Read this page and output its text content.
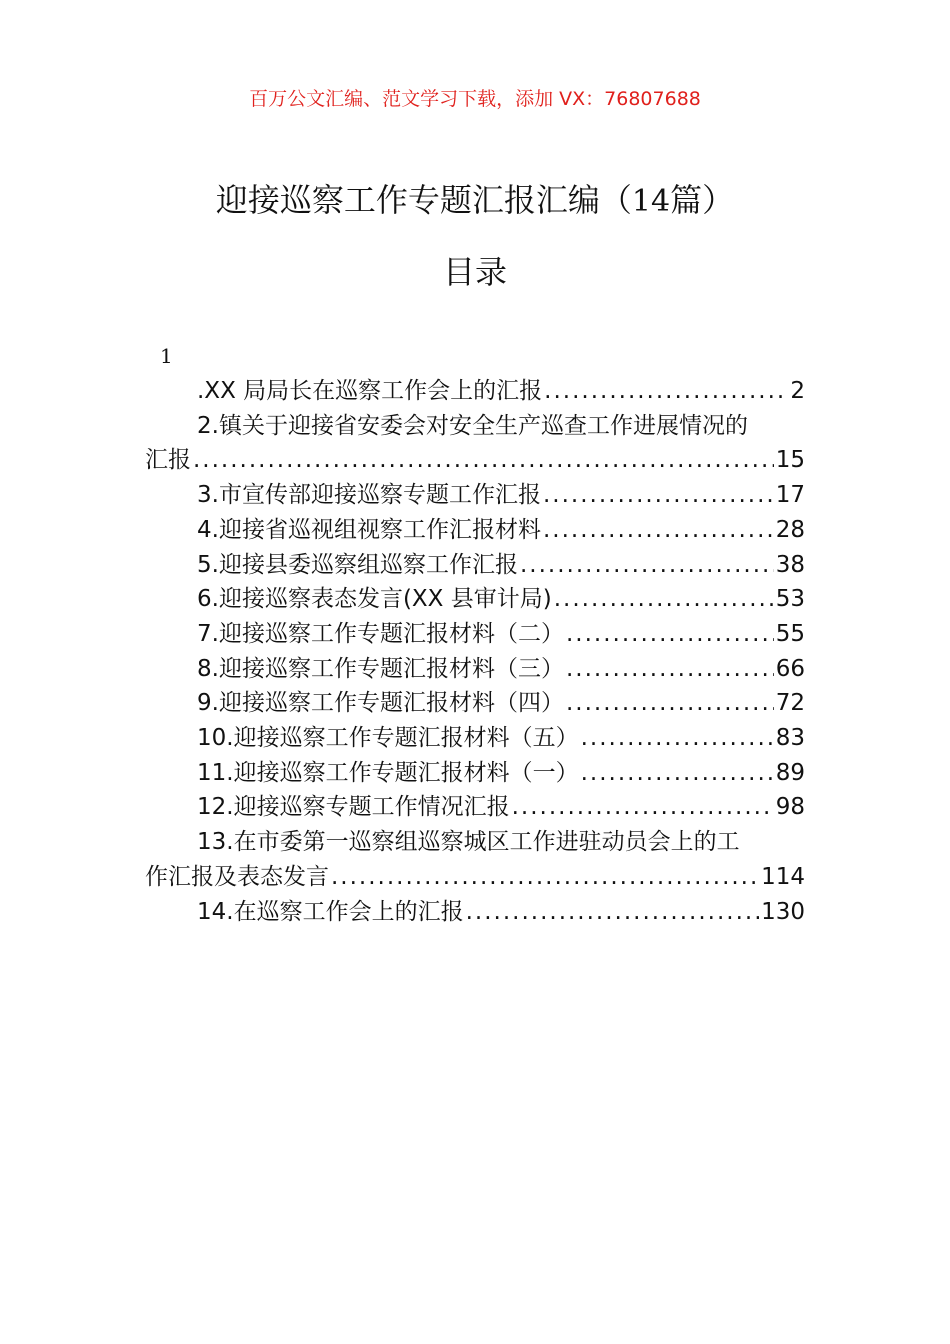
百万公文汇编、范文学习下载，添加 VX：76807688
迎接巡察工作专题汇报汇编（14篇）
目录
1
.XX 局局长在巡察工作会上的汇报 .....	2
2.镇关于迎接省安委会对安全生产巡查工作进展情况的
汇报 .....	15
3.市宣传部迎接巡察专题工作汇报 .....	17
4.迎接省巡视组视察工作汇报材料 .....	28
5.迎接县委巡察组巡察工作汇报 .....	38
6.迎接巡察表态发言(XX 县审计局) .....	53
7.迎接巡察工作专题汇报材料（二） .....	55
8.迎接巡察工作专题汇报材料（三） .....	66
9.迎接巡察工作专题汇报材料（四） .....	72
10.迎接巡察工作专题汇报材料（五） .....	83
11.迎接巡察工作专题汇报材料（一） .....	89
12.迎接巡察专题工作情况汇报 .....	98
13.在市委第一巡察组巡察城区工作进驻动员会上的工
作汇报及表态发言 .....	114
14.在巡察工作会上的汇报 .....	130
